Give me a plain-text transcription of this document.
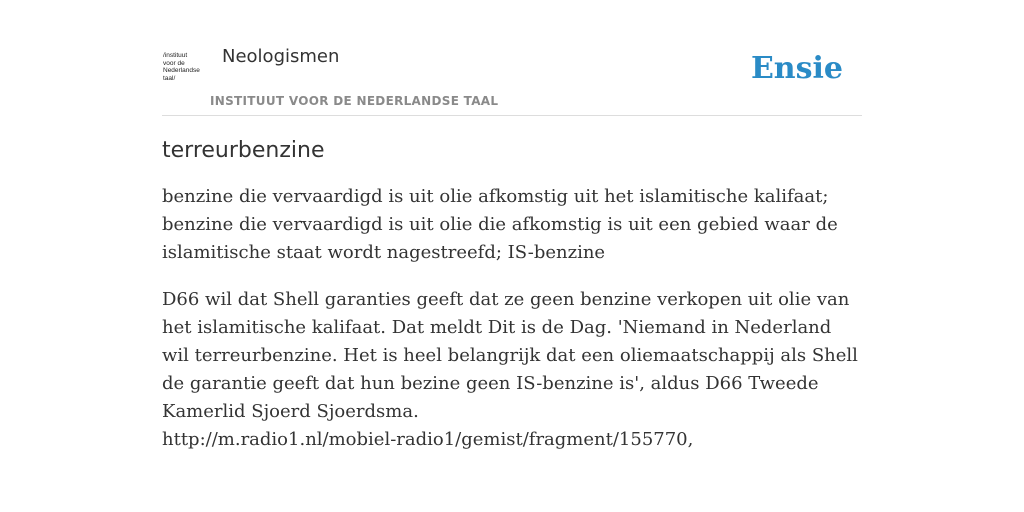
/instituut
voor de
Nederlandse
taal/
Neologismen
INSTITUUT VOOR DE NEDERLANDSE TAAL
Ensie
terreurbenzine

benzine die vervaardigd is uit olie afkomstig uit het islamitische kalifaat; benzine die vervaardigd is uit olie die afkomstig is uit een gebied waar de islamitische staat wordt nagestreefd; IS-benzine

D66 wil dat Shell garanties geeft dat ze geen benzine verkopen uit olie van het islamitische kalifaat. Dat meldt Dit is de Dag. 'Niemand in Nederland wil terreurbenzine. Het is heel belangrijk dat een oliemaatschappij als Shell de garantie geeft dat hun bezine geen IS-benzine is', aldus D66 Tweede Kamerlid Sjoerd Sjoerdsma.
http://m.radio1.nl/mobiel-radio1/gemist/fragment/155770,
